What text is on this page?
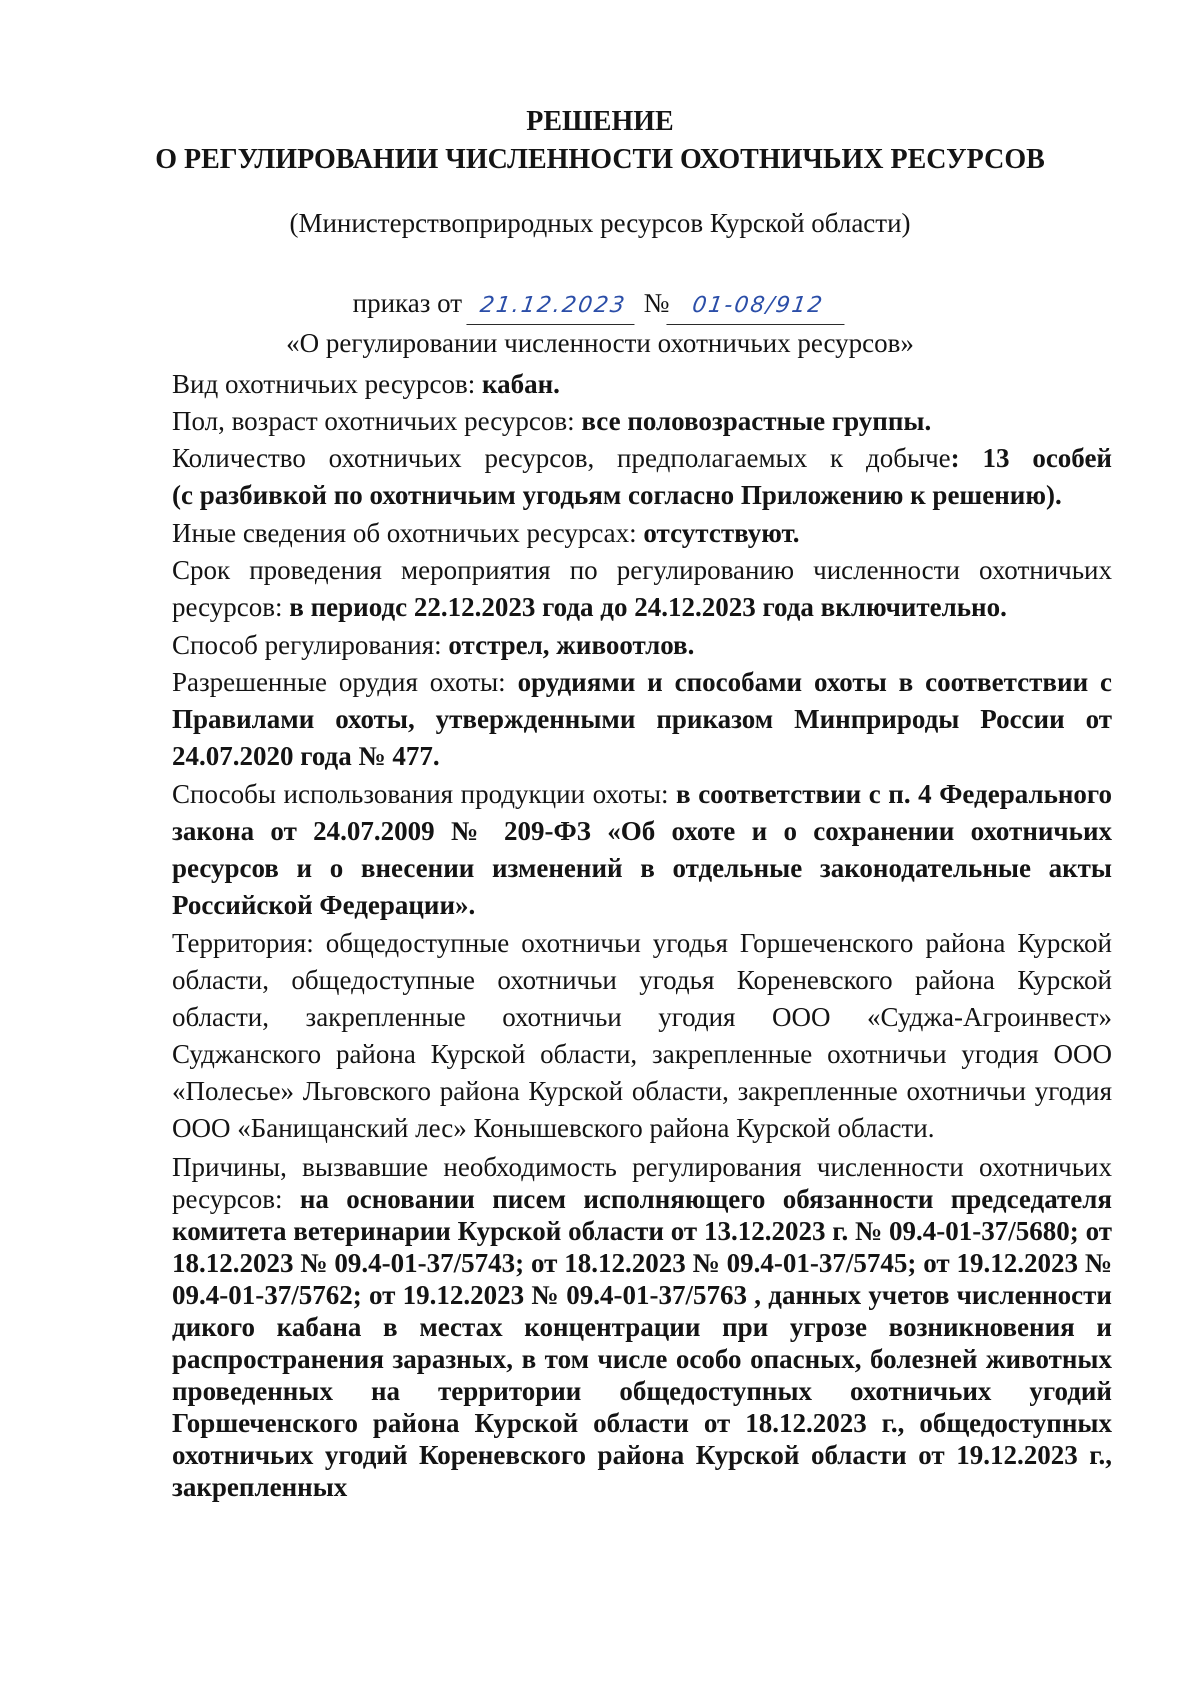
РЕШЕНИЕ
О РЕГУЛИРОВАНИИ ЧИСЛЕННОСТИ ОХОТНИЧЬИХ РЕСУРСОВ
(Министерствоприродных ресурсов Курской области)
приказ от 21.12.2023 № 01-08/912
«О регулировании численности охотничьих ресурсов»
Вид охотничьих ресурсов: кабан.
Пол, возраст охотничьих ресурсов: все половозрастные группы.
Количество охотничьих ресурсов, предполагаемых к добыче: 13 особей
(с разбивкой по охотничьим угодьям согласно Приложению к решению).
Иные сведения об охотничьих ресурсах: отсутствуют.
Срок проведения мероприятия по регулированию численности охотничьих ресурсов: в периодс 22.12.2023 года до 24.12.2023 года включительно.
Способ регулирования: отстрел, живоотлов.
Разрешенные орудия охоты: орудиями и способами охоты в соответствии с Правилами охоты, утвержденными приказом Минприроды России от 24.07.2020 года № 477.
Способы использования продукции охоты: в соответствии с п. 4 Федерального закона от 24.07.2009 № 209-ФЗ «Об охоте и о сохранении охотничьих ресурсов и о внесении изменений в отдельные законодательные акты Российской Федерации».
Территория: общедоступные охотничьи угодья Горшеченского района Курской области, общедоступные охотничьи угодья Кореневского района Курской области, закрепленные охотничьи угодия ООО «Суджа-Агроинвест» Суджанского района Курской области, закрепленные охотничьи угодия ООО «Полесье» Льговского района Курской области, закрепленные охотничьи угодия ООО «Банищанский лес» Конышевского района Курской области.
Причины, вызвавшие необходимость регулирования численности охотничьих ресурсов: на основании писем исполняющего обязанности председателя комитета ветеринарии Курской области от 13.12.2023 г. № 09.4-01-37/5680; от 18.12.2023 № 09.4-01-37/5743; от 18.12.2023 № 09.4-01-37/5745; от 19.12.2023 № 09.4-01-37/5762; от 19.12.2023 № 09.4-01-37/5763 , данных учетов численности дикого кабана в местах концентрации при угрозе возникновения и распространения заразных, в том числе особо опасных, болезней животных проведенных на территории общедоступных охотничьих угодий Горшеченского района Курской области от 18.12.2023 г., общедоступных охотничьих угодий Кореневского района Курской области от 19.12.2023 г., закрепленных
